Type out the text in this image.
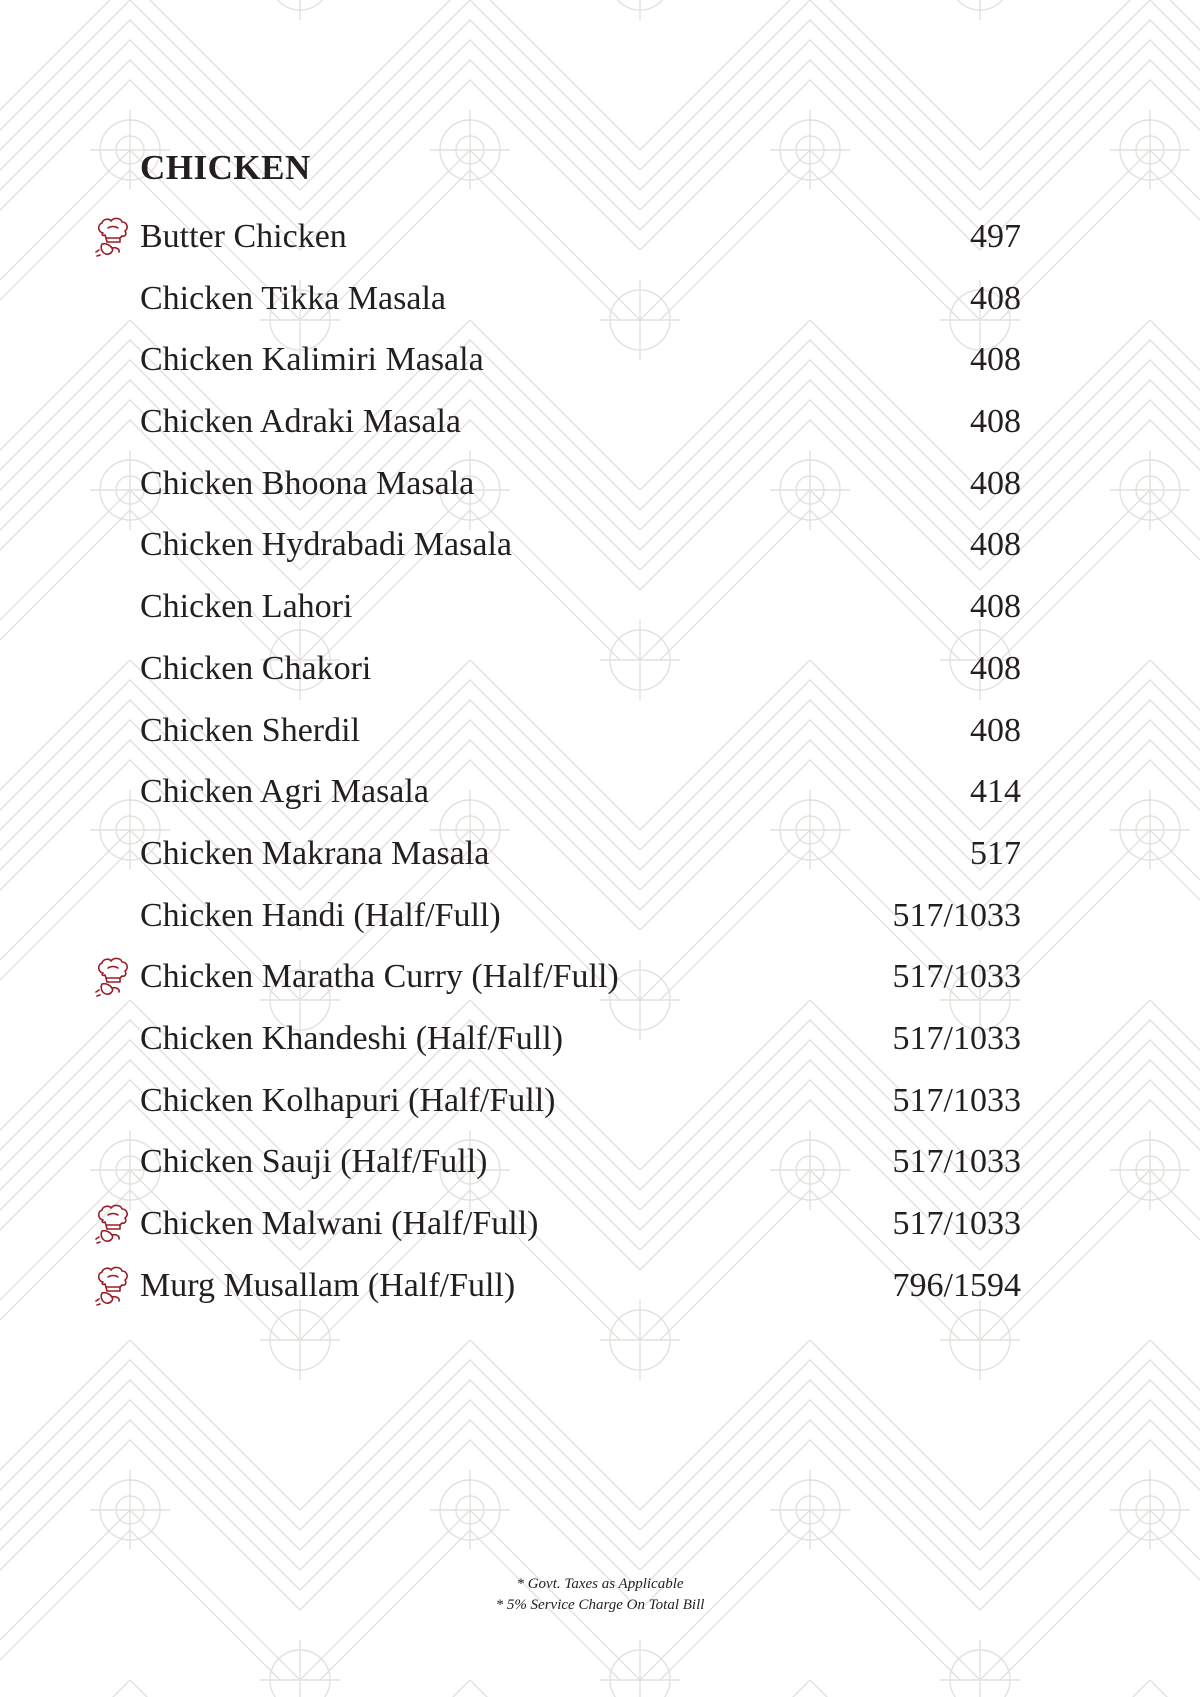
CHICKEN
Butter Chicken	497
Chicken Tikka Masala	408
Chicken Kalimiri Masala	408
Chicken Adraki Masala	408
Chicken Bhoona Masala	408
Chicken Hydrabadi Masala	408
Chicken Lahori	408
Chicken Chakori	408
Chicken Sherdil	408
Chicken Agri Masala	414
Chicken Makrana Masala	517
Chicken Handi (Half/Full)	517/1033
Chicken Maratha Curry (Half/Full)	517/1033
Chicken Khandeshi (Half/Full)	517/1033
Chicken Kolhapuri (Half/Full)	517/1033
Chicken Sauji (Half/Full)	517/1033
Chicken Malwani (Half/Full)	517/1033
Murg Musallam (Half/Full)	796/1594
* Govt. Taxes as Applicable
* 5% Service Charge On Total Bill
